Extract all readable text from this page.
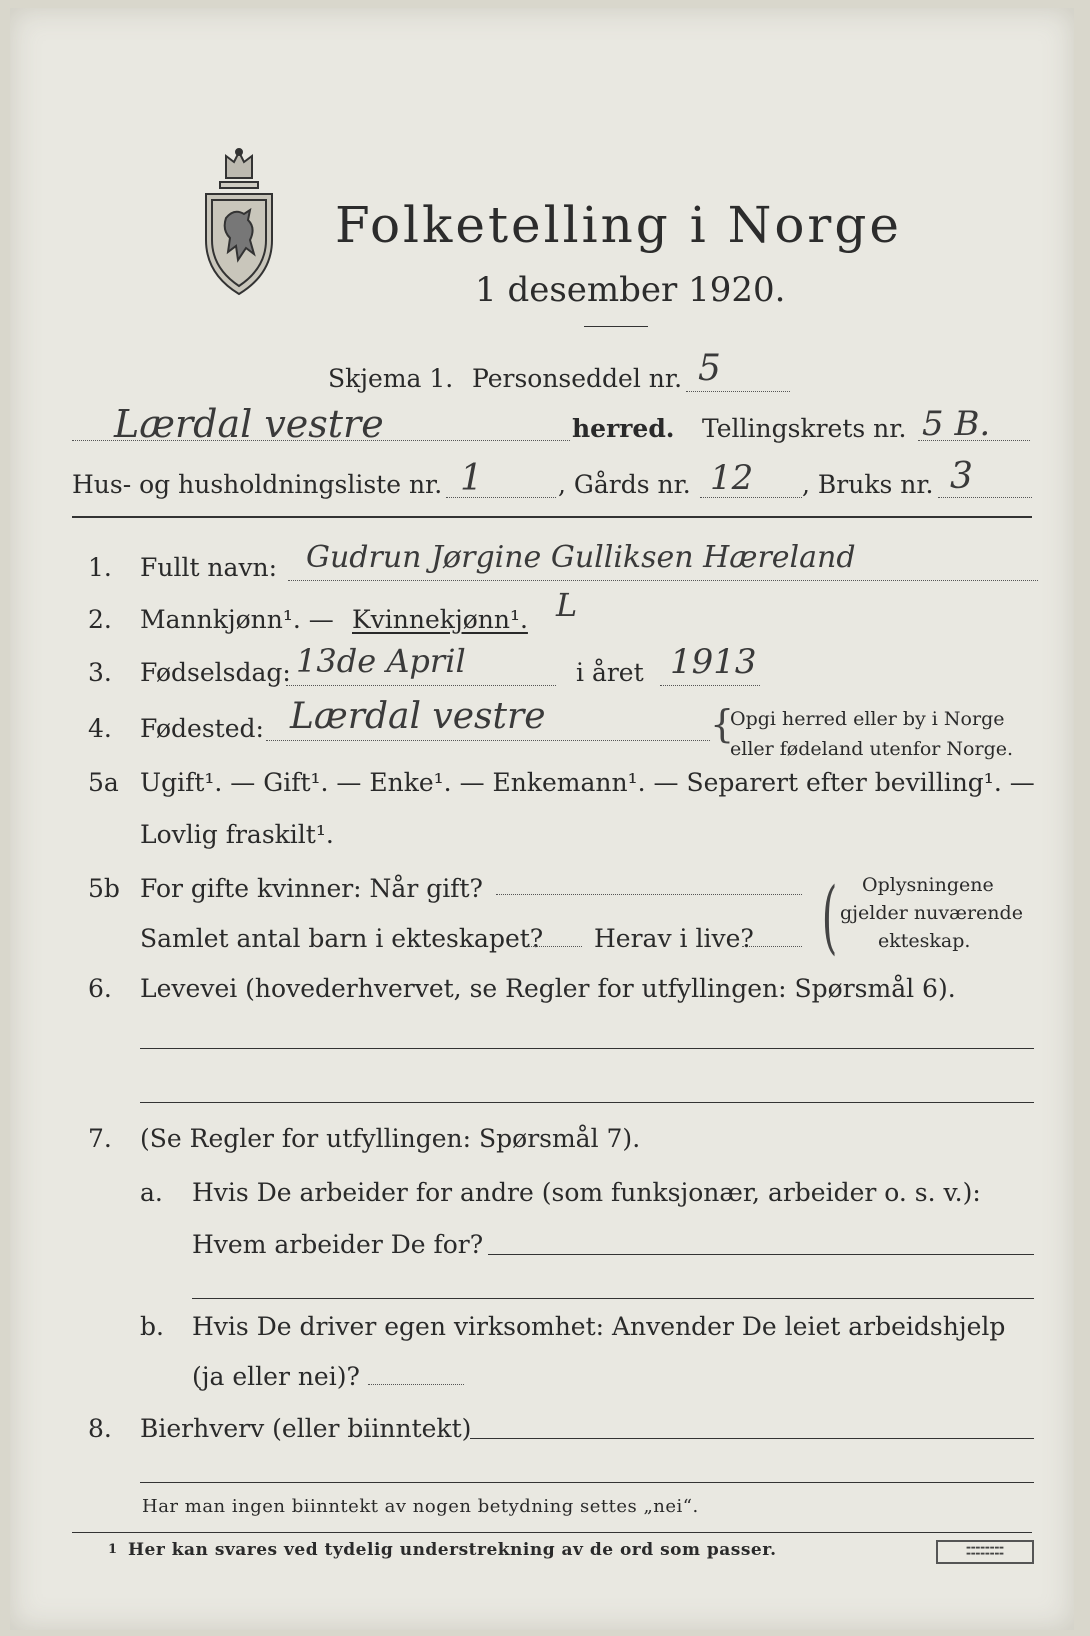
Folketelling i Norge
1 desember 1920.
Skjema 1. Personseddel nr. 5
Lærdal vestre	herred. Tellingskrets nr. 5 B.
Hus- og husholdningsliste nr. 1	, Gårds nr. 12 , Bruks nr. 3
1. Fullt navn: Gudrun Jørgine Gulliksen Hæreland
2. Mannkjønn¹. — Kvinnekjønn¹. L
3. Fødselsdag: 13de April	i året 1913
4. Fødested: Lærdal vestre	{
Opgi herred eller by i Norge
eller fødeland utenfor Norge.
5a Ugift¹. — Gift¹. — Enke¹. — Enkemann¹. — Separert efter bevilling¹. —
Lovlig fraskilt¹.
5b For gifte kvinner: Når gift?
Samlet antal barn i ekteskapet? Herav i live? ( Oplysningene
gjelder nuværende
ekteskap.
6. Levevei (hovederhvervet, se Regler for utfyllingen: Spørsmål 6).
7. (Se Regler for utfyllingen: Spørsmål 7).
a. Hvis De arbeider for andre (som funksjonær, arbeider o. s. v.):
Hvem arbeider De for?
b. Hvis De driver egen virksomhet: Anvender De leiet arbeidshjelp
(ja eller nei)?
8. Bierhverv (eller biinntekt)
Har man ingen biinntekt av nogen betydning settes „nei“.
1 Her kan svares ved tydelig understrekning av de ord som passer.	▬▬▬▬▬▬▬▬
▬▬▬▬▬▬▬▬
